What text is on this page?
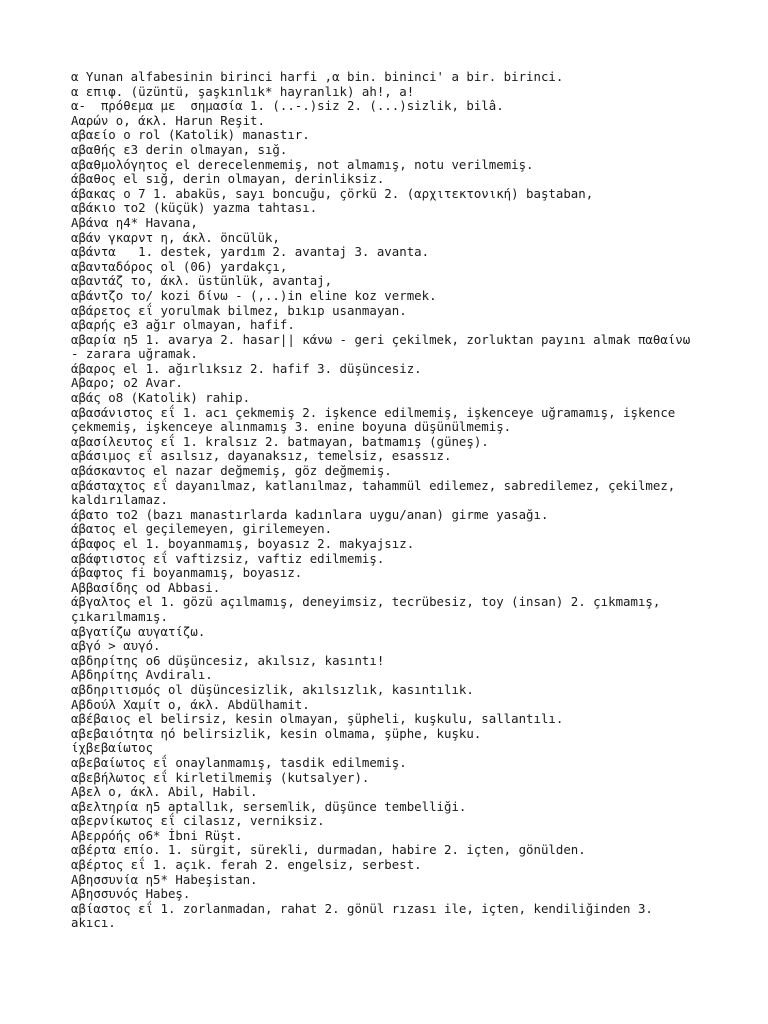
α Yunan alfabesinin birinci harfi ,α bin. bininci' a bir. birinci.
α επιφ. (üzüntü, şaşkınlık* hayranlık) ah!, a!
α-  πρόθεμα με  σημασία 1. (..-.)siz 2. (...)sizlik, bilâ.
Ααρών ο, άκλ. Harun Reşit.
αβαείο ο rol (Katolik) manastır.
αβαθής ε3 derin olmayan, sığ.
αβαθμολόγητος el derecelenmemiş, not almamış, notu verilmemiş.
άβαθος el sığ, derin olmayan, derinliksiz.
άβακας ο 7 1. abaküs, sayı boncuğu, çörkü 2. (αρχιτεκτονική) baştaban,
αβάκιο το2 (küçük) yazma tahtası.
Αβάνα η4* Havana,
αβάν γκαρντ η, άκλ. öncülük,
αβάντα   1. destek, yardım 2. avantaj 3. avanta.
αβανταδόρος ol (06) yardakçı,
αβαντάζ το, άκλ. üstünlük, avantaj,
αβάντζο το/ kozi δίνω - (,..)in eline koz vermek.
αβάρετος εΐ yorulmak bilmez, bıkıp usanmayan.
αβαρής e3 ağır olmayan, hafif.
αβαρία η5 1. avarya 2. hasar|| κάνω - geri çekilmek, zorluktan payını almak παθαίνω
- zarara uğramak.
άβαρος el 1. ağırlıksız 2. hafif 3. düşüncesiz.
Αβαρο; ο2 Avar.
αβάς ο8 (Katolik) rahip.
αβασάνιστος εΐ 1. acı çekmemiş 2. işkence edilmemiş, işkenceye uğramamış, işkence
çekmemiş, işkenceye alınmamış 3. enine boyuna düşünülmemiş.
αβασίλευτος εΐ 1. kralsız 2. batmayan, batmamış (güneş).
αβάσιμος εΐ asılsız, dayanaksız, temelsiz, esassız.
αβάσκαντος el nazar değmemiş, göz değmemiş.
αβάσταχτος εΐ dayanılmaz, katlanılmaz, tahammül edilemez, sabredilemez, çekilmez,
kaldırılamaz.
άβατο το2 (bazı manastırlarda kadınlara uygu/anan) girme yasağı.
άβατος el geçilemeyen, girilemeyen.
άβαφος el 1. boyanmamış, boyasız 2. makyajsız.
αβάφτιστος εΐ vaftizsiz, vaftiz edilmemiş.
άβαφτος fi boyanmamış, boyasız.
Αββασίδης od Abbasi.
άβγαλτος el 1. gözü açılmamış, deneyimsiz, tecrübesiz, toy (insan) 2. çıkmamış,
çıkarılmamış.
αβγατίζω αυγατίζω.
αβγό > αυγό.
αβδηρίτης ο6 düşüncesiz, akılsız, kasıntı!
Αβδηρίτης Avdiralı.
αβδηριτισμός ol düşüncesizlik, akılsızlık, kasıntılık.
Αβδούλ Χαμίτ ο, άκλ. Abdülhamit.
αβέβαιος el belirsiz, kesin olmayan, şüpheli, kuşkulu, sallantılı.
αβεβαιότητα ηό belirsizlik, kesin olmama, şüphe, kuşku.
ίχβεβαίωτος
αβεβαίωτος εΐ onaylanmamış, tasdik edilmemiş.
αβεβήλωτος εΐ kirletilmemiş (kutsalyer).
Αβελ ο, άκλ. Abil, Habil.
αβελτηρία η5 aptallık, sersemlik, düşünce tembelliği.
αβερνίκωτος εΐ cilasız, verniksiz.
Αβερρόής ο6* İbni Rüşt.
αβέρτα επίο. 1. sürgit, sürekli, durmadan, habire 2. içten, gönülden.
αβέρτος εΐ 1. açık. ferah 2. engelsiz, serbest.
Αβησσυνία η5* Habeşistan.
Αβησσυνός Habeş.
αβίαστος εΐ 1. zorlanmadan, rahat 2. gönül rızası ile, içten, kendiliğinden 3.
akıcı.
